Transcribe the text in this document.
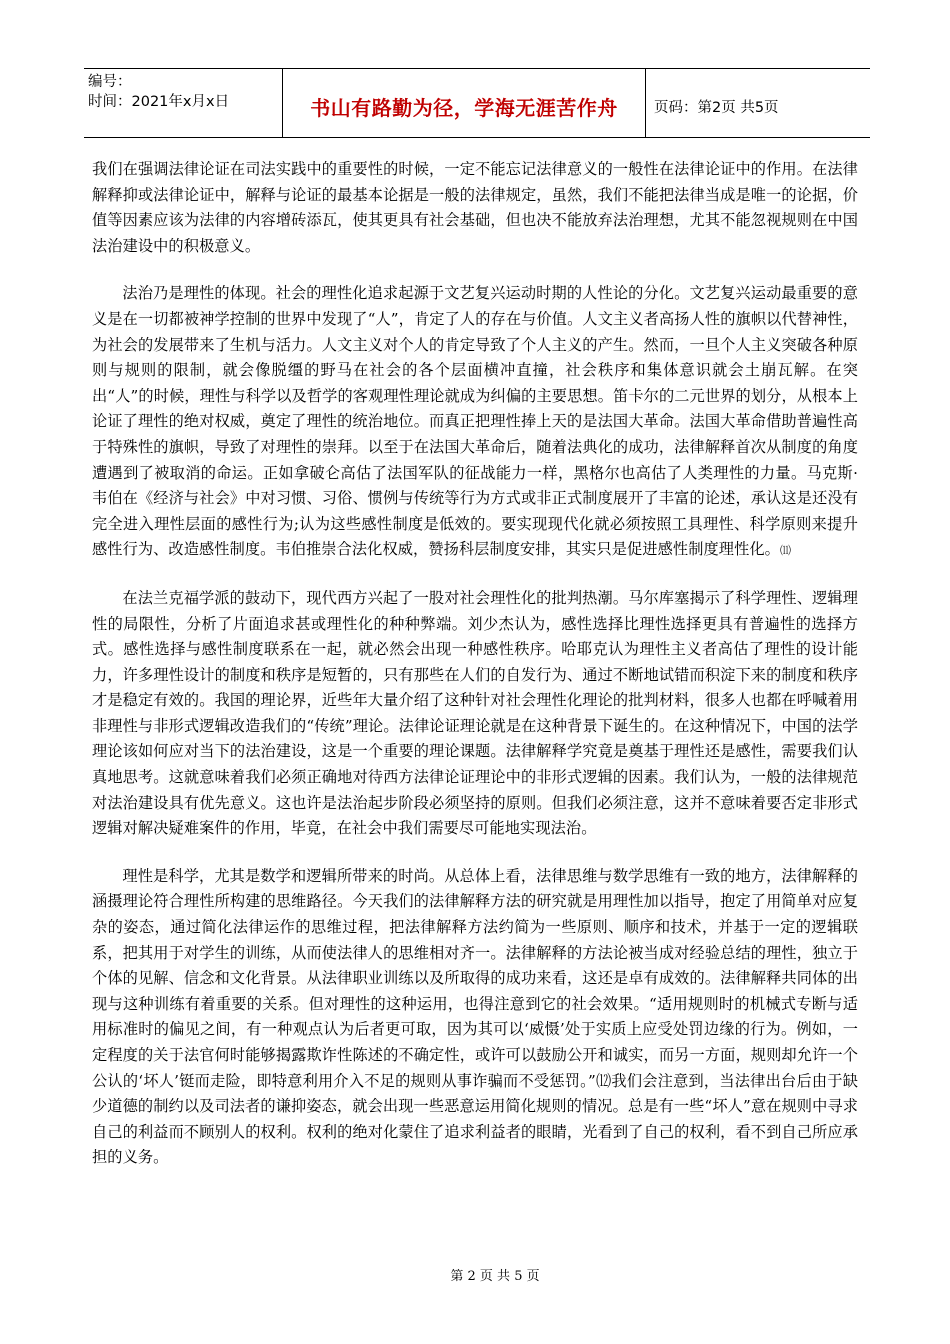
编号：
时间：2021年x月x日	书山有路勤为径，学海无涯苦作舟	页码：第2页 共5页

我们在强调法律论证在司法实践中的重要性的时候，一定不能忘记法律意义的一般性在法律论证中的作用。在法律解释抑或法律论证中，解释与论证的最基本论据是一般的法律规定，虽然，我们不能把法律当成是唯一的论据，价值等因素应该为法律的内容增砖添瓦，使其更具有社会基础，但也决不能放弃法治理想，尤其不能忽视规则在中国法治建设中的积极意义。

法治乃是理性的体现。社会的理性化追求起源于文艺复兴运动时期的人性论的分化。文艺复兴运动最重要的意义是在一切都被神学控制的世界中发现了“人”，肯定了人的存在与价值。人文主义者高扬人性的旗帜以代替神性，为社会的发展带来了生机与活力。人文主义对个人的肯定导致了个人主义的产生。然而，一旦个人主义突破各种原则与规则的限制，就会像脱缰的野马在社会的各个层面横冲直撞，社会秩序和集体意识就会土崩瓦解。在突出“人”的时候，理性与科学以及哲学的客观理性理论就成为纠偏的主要思想。笛卡尔的二元世界的划分，从根本上论证了理性的绝对权威，奠定了理性的统治地位。而真正把理性捧上天的是法国大革命。法国大革命借助普遍性高于特殊性的旗帜，导致了对理性的崇拜。以至于在法国大革命后，随着法典化的成功，法律解释首次从制度的角度遭遇到了被取消的命运。正如拿破仑高估了法国军队的征战能力一样，黑格尔也高估了人类理性的力量。马克斯·韦伯在《经济与社会》中对习惯、习俗、惯例与传统等行为方式或非正式制度展开了丰富的论述，承认这是还没有完全进入理性层面的感性行为;认为这些感性制度是低效的。要实现现代化就必须按照工具理性、科学原则来提升感性行为、改造感性制度。韦伯推崇合法化权威，赞扬科层制度安排，其实只是促进感性制度理性化。⑾

在法兰克福学派的鼓动下，现代西方兴起了一股对社会理性化的批判热潮。马尔库塞揭示了科学理性、逻辑理性的局限性，分析了片面追求甚或理性化的种种弊端。刘少杰认为，感性选择比理性选择更具有普遍性的选择方式。感性选择与感性制度联系在一起，就必然会出现一种感性秩序。哈耶克认为理性主义者高估了理性的设计能力，许多理性设计的制度和秩序是短暂的，只有那些在人们的自发行为、通过不断地试错而积淀下来的制度和秩序才是稳定有效的。我国的理论界，近些年大量介绍了这种针对社会理性化理论的批判材料，很多人也都在呼喊着用非理性与非形式逻辑改造我们的“传统”理论。法律论证理论就是在这种背景下诞生的。在这种情况下，中国的法学理论该如何应对当下的法治建设，这是一个重要的理论课题。法律解释学究竟是奠基于理性还是感性，需要我们认真地思考。这就意味着我们必须正确地对待西方法律论证理论中的非形式逻辑的因素。我们认为，一般的法律规范对法治建设具有优先意义。这也许是法治起步阶段必须坚持的原则。但我们必须注意，这并不意味着要否定非形式逻辑对解决疑难案件的作用，毕竟，在社会中我们需要尽可能地实现法治。

理性是科学，尤其是数学和逻辑所带来的时尚。从总体上看，法律思维与数学思维有一致的地方，法律解释的涵摄理论符合理性所构建的思维路径。今天我们的法律解释方法的研究就是用理性加以指导，抱定了用简单对应复杂的姿态，通过简化法律运作的思维过程，把法律解释方法约简为一些原则、顺序和技术，并基于一定的逻辑联系，把其用于对学生的训练，从而使法律人的思维相对齐一。法律解释的方法论被当成对经验总结的理性，独立于个体的见解、信念和文化背景。从法律职业训练以及所取得的成功来看，这还是卓有成效的。法律解释共同体的出现与这种训练有着重要的关系。但对理性的这种运用，也得注意到它的社会效果。“适用规则时的机械式专断与适用标准时的偏见之间，有一种观点认为后者更可取，因为其可以‘威慑’处于实质上应受处罚边缘的行为。例如，一定程度的关于法官何时能够揭露欺诈性陈述的不确定性，或许可以鼓励公开和诚实，而另一方面，规则却允许一个公认的‘坏人’铤而走险，即特意利用介入不足的规则从事诈骗而不受惩罚。”⑿我们会注意到，当法律出台后由于缺少道德的制约以及司法者的谦抑姿态，就会出现一些恶意运用简化规则的情况。总是有一些“坏人”意在规则中寻求自己的利益而不顾别人的权利。权利的绝对化蒙住了追求利益者的眼睛，光看到了自己的权利，看不到自己所应承担的义务。

第 2 页 共 5 页
